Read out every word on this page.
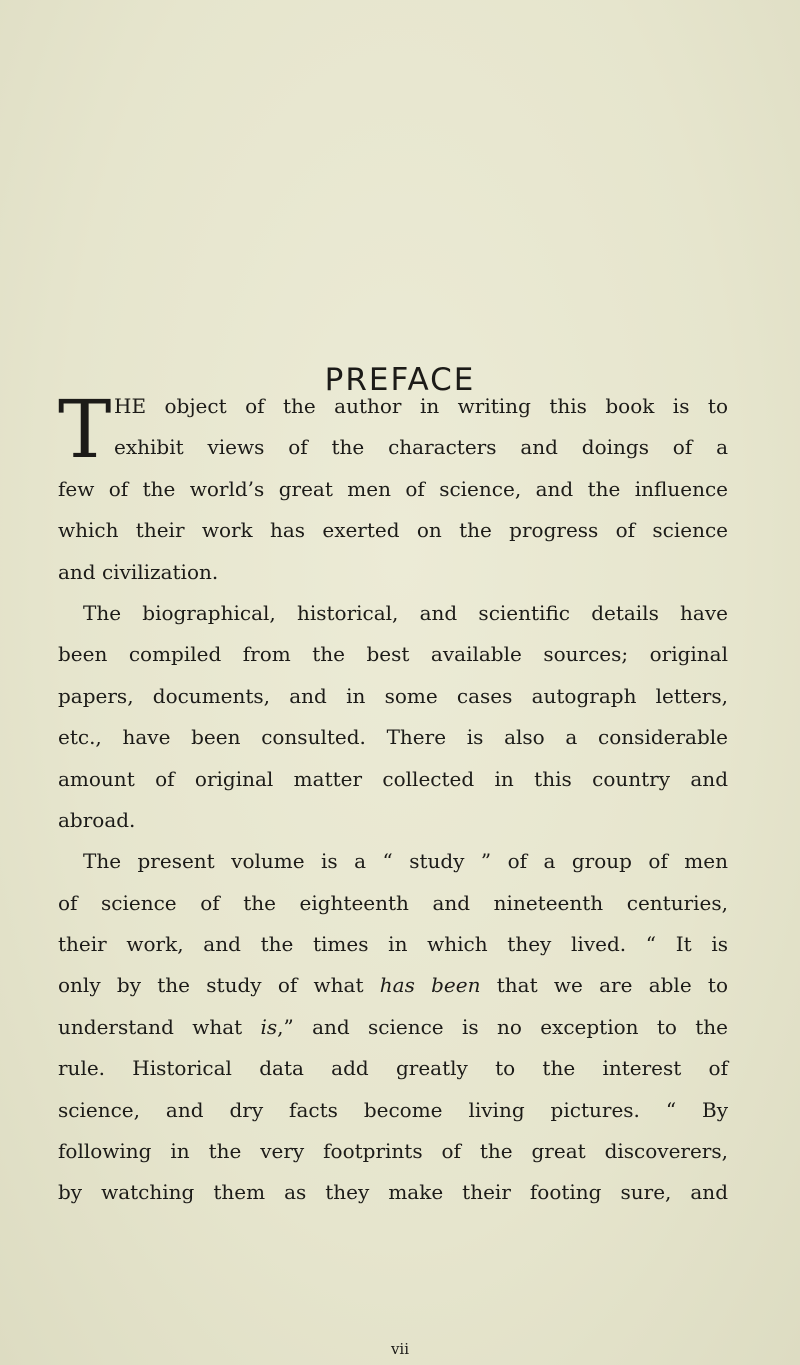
PREFACE
T HE object of the author in writing this book is to
exhibit views of the characters and doings of a
few of the world’s great men of science, and the influence
which their work has exerted on the progress of science
and civilization.
The biographical, historical, and scientific details have
been compiled from the best available sources; original
papers, documents, and in some cases autograph letters,
etc., have been consulted. There is also a considerable
amount of original matter collected in this country and
abroad.
The present volume is a “ study ” of a group of men
of science of the eighteenth and nineteenth centuries,
their work, and the times in which they lived. “ It is
only by the study of what has been that we are able to
understand what is,” and science is no exception to the
rule. Historical data add greatly to the interest of
science, and dry facts become living pictures. “ By
following in the very footprints of the great discoverers,
by watching them as they make their footing sure, and
vii
